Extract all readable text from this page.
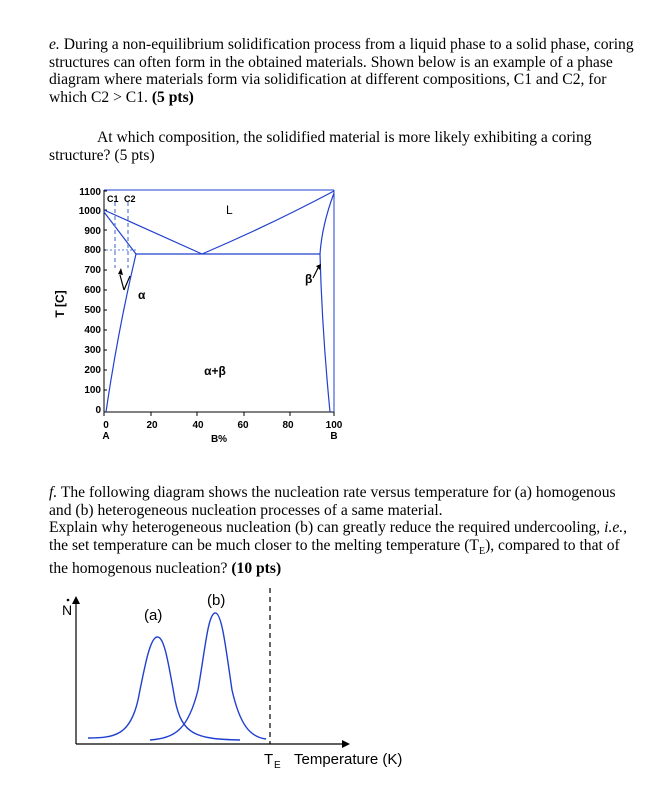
e. During a non-equilibrium solidification process from a liquid phase to a solid phase, coring structures can often form in the obtained materials. Shown below is an example of a phase diagram where materials form via solidification at different compositions, C1 and C2, for which C2 > C1. (5 pts)
At which composition, the solidified material is more likely exhibiting a coring structure? (5 pts)
T [C]
1100
1000
900
800
700
600
500
400
300
200
100
0
0	20	40	60	80	100
A	B
B%
C1 C2
L
α
β
α+β
f. The following diagram shows the nucleation rate versus temperature for (a) homogenous and (b) heterogeneous nucleation processes of a same material.
Explain why heterogeneous nucleation (b) can greatly reduce the required undercooling, i.e., the set temperature can be much closer to the melting temperature $(T_E)$, compared to that of the homogenous nucleation? (10 pts)
N	(a)
(b)
T E Temperature (K)
